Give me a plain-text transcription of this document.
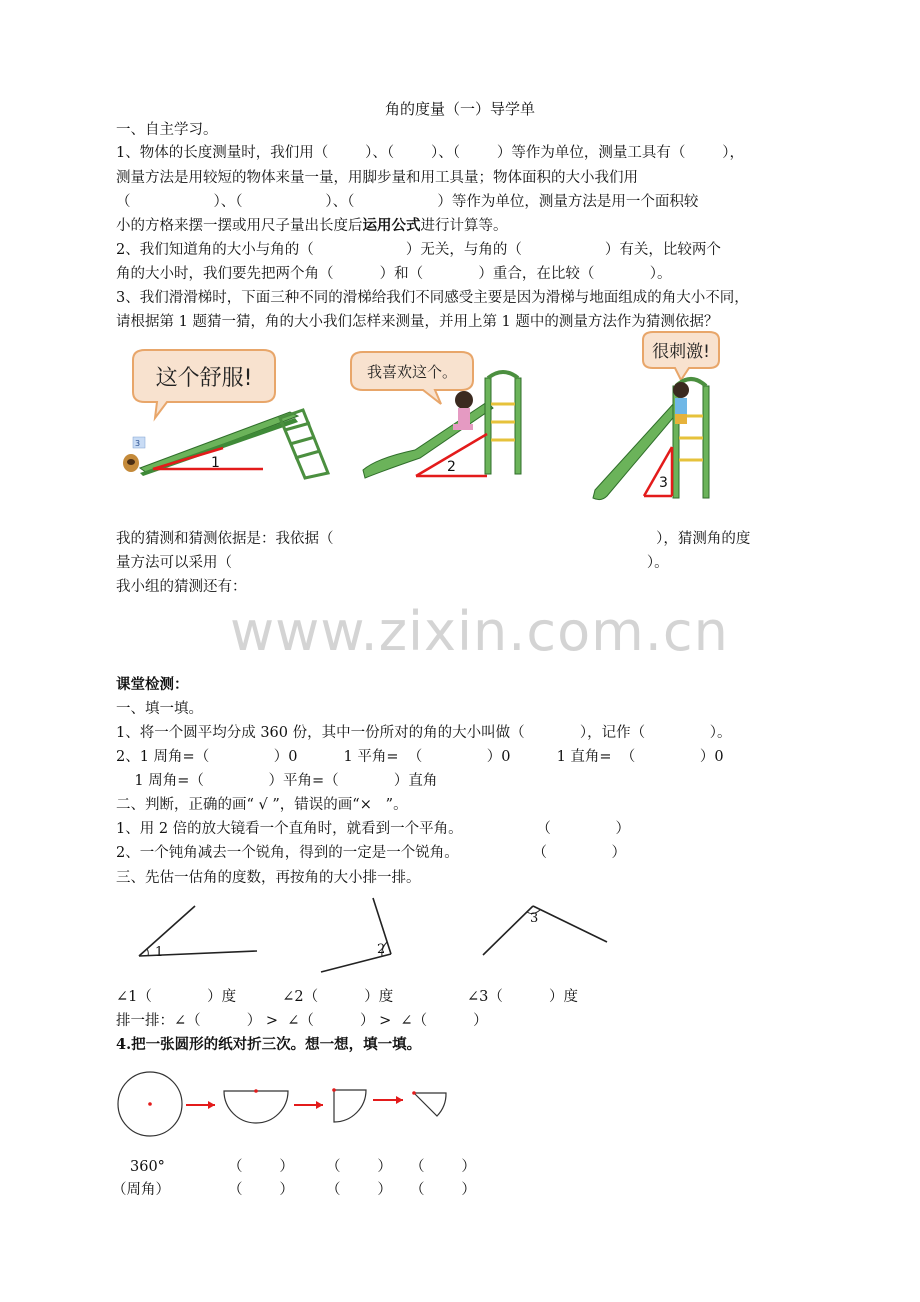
角的度量（一）导学单
一、自主学习。
1、物体的长度测量时，我们用（        ）、（        ）、（        ）等作为单位，测量工具有（        ），
测量方法是用较短的物体来量一量，用脚步量和用工具量；物体面积的大小我们用
（                  ）、（                  ）、（                  ）等作为单位，测量方法是用一个面积较
小的方格来摆一摆或用尺子量出长度后运用公式进行计算等。
2、我们知道角的大小与角的（                    ）无关，与角的（                  ）有关，比较两个
角的大小时，我们要先把两个角（          ）和（            ）重合，在比较（            ）。
3、我们滑滑梯时，下面三种不同的滑梯给我们不同感受主要是因为滑梯与地面组成的角大小不同，
请根据第 1 题猜一猜，角的大小我们怎样来测量，并用上第 1 题中的测量方法作为猜测依据？
这个舒服!
1
3
我喜欢这个。
2
很刺激!
3
我的猜测和猜测依据是：我依据（                                                                      ），猜测角的度
量方法可以采用（                                                                                          ）。
我小组的猜测还有：
www.zixin.com.cn
课堂检测：
一、填一填。
1、将一个圆平均分成 360 份，其中一份所对的角的大小叫做（            ），记作（              ）。
2、1 周角=（              ）0          1 平角=  （              ）0          1 直角=  （              ）0
1 周角=（              ）平角=（            ）直角
二、判断，正确的画“ √ ”，错误的画“×   ”。
1、用 2 倍的放大镜看一个直角时，就看到一个平角。                （              ）
2、一个钝角减去一个锐角，得到的一定是一个锐角。                （              ）
三、先估一估角的度数，再按角的大小排一排。
1	2
3
∠1（            ）度          ∠2（          ）度                ∠3（          ）度
排一排：∠（          ） >  ∠（          ） >  ∠（          ）
4.把一张圆形的纸对折三次。想一想，填一填。
360°	（        ） （        ） （        ）
（周角）	（        ） （        ） （        ）
